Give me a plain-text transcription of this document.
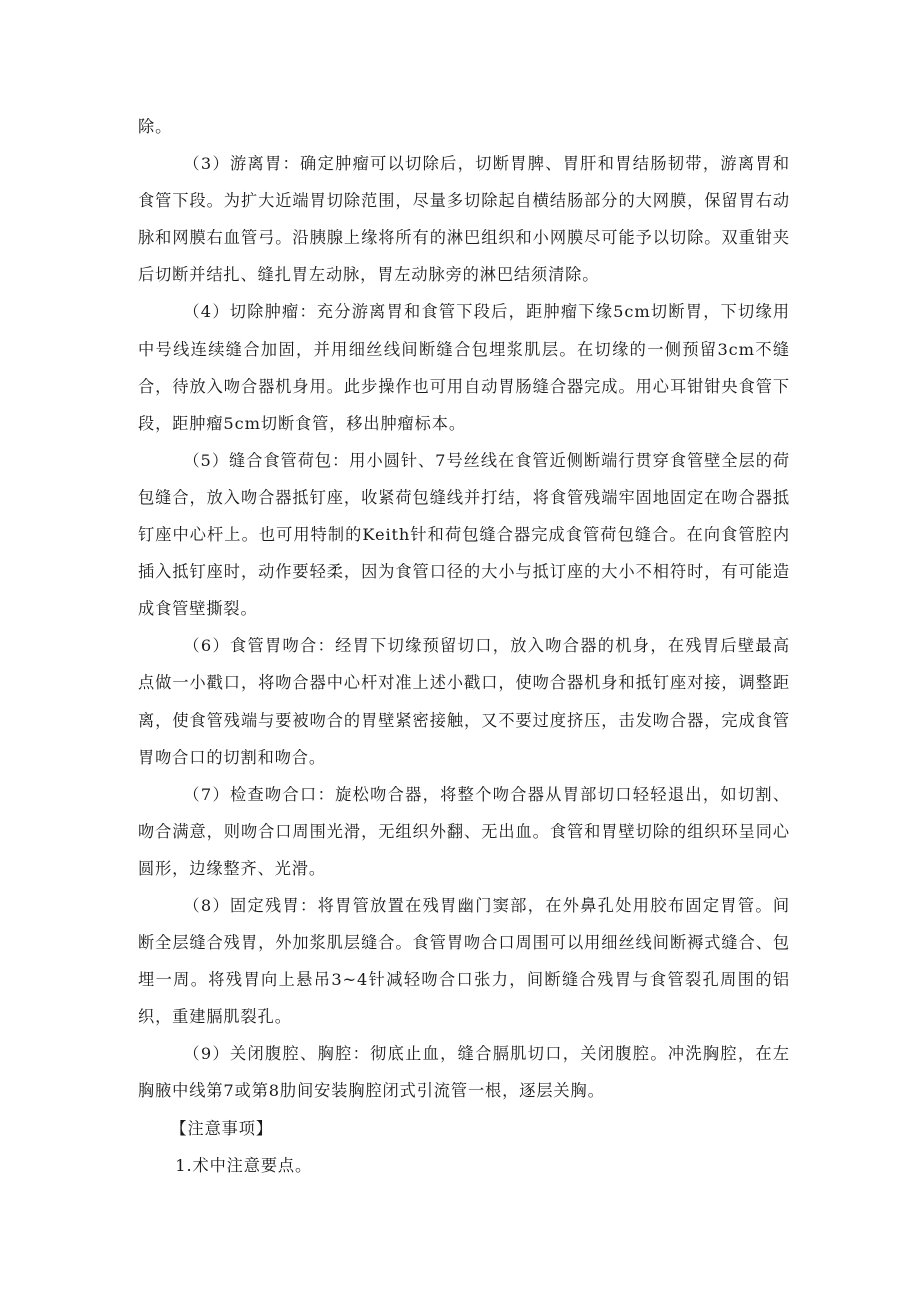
除。

（3）游离胃：确定肿瘤可以切除后，切断胃脾、胃肝和胃结肠韧带，游离胃和食管下段。为扩大近端胃切除范围，尽量多切除起自横结肠部分的大网膜，保留胃右动脉和网膜右血管弓。沿胰腺上缘将所有的淋巴组织和小网膜尽可能予以切除。双重钳夹后切断并结扎、缝扎胃左动脉，胃左动脉旁的淋巴结须清除。

（4）切除肿瘤：充分游离胃和食管下段后，距肿瘤下缘5cm切断胃，下切缘用中号线连续缝合加固，并用细丝线间断缝合包埋浆肌层。在切缘的一侧预留3cm不缝合，待放入吻合器机身用。此步操作也可用自动胃肠缝合器完成。用心耳钳钳央食管下段，距肿瘤5cm切断食管，移出肿瘤标本。

（5）缝合食管荷包：用小圆针、7号丝线在食管近侧断端行贯穿食管壁全层的荷包缝合，放入吻合器抵钉座，收紧荷包缝线并打结，将食管残端牢固地固定在吻合器抵钉座中心杆上。也可用特制的Keith针和荷包缝合器完成食管荷包缝合。在向食管腔内插入抵钉座时，动作要轻柔，因为食管口径的大小与抵订座的大小不相符时，有可能造成食管壁撕裂。

（6）食管胃吻合：经胃下切缘预留切口，放入吻合器的机身，在残胃后壁最高点做一小戳口，将吻合器中心杆对准上述小戳口，使吻合器机身和抵钉座对接，调整距离，使食管残端与要被吻合的胃壁紧密接触，又不要过度挤压，击发吻合器，完成食管胃吻合口的切割和吻合。

（7）检查吻合口：旋松吻合器，将整个吻合器从胃部切口轻轻退出，如切割、吻合满意，则吻合口周围光滑，无组织外翻、无出血。食管和胃壁切除的组织环呈同心圆形，边缘整齐、光滑。

（8）固定残胃：将胃管放置在残胃幽门窦部，在外鼻孔处用胶布固定胃管。间断全层缝合残胃，外加浆肌层缝合。食管胃吻合口周围可以用细丝线间断褥式缝合、包埋一周。将残胃向上悬吊3~4针减轻吻合口张力，间断缝合残胃与食管裂孔周围的铝织，重建膈肌裂孔。

（9）关闭腹腔、胸腔：彻底止血，缝合膈肌切口，关闭腹腔。冲洗胸腔，在左胸腋中线第7或第8肋间安装胸腔闭式引流管一根，逐层关胸。

【注意事项】

1.术中注意要点。
